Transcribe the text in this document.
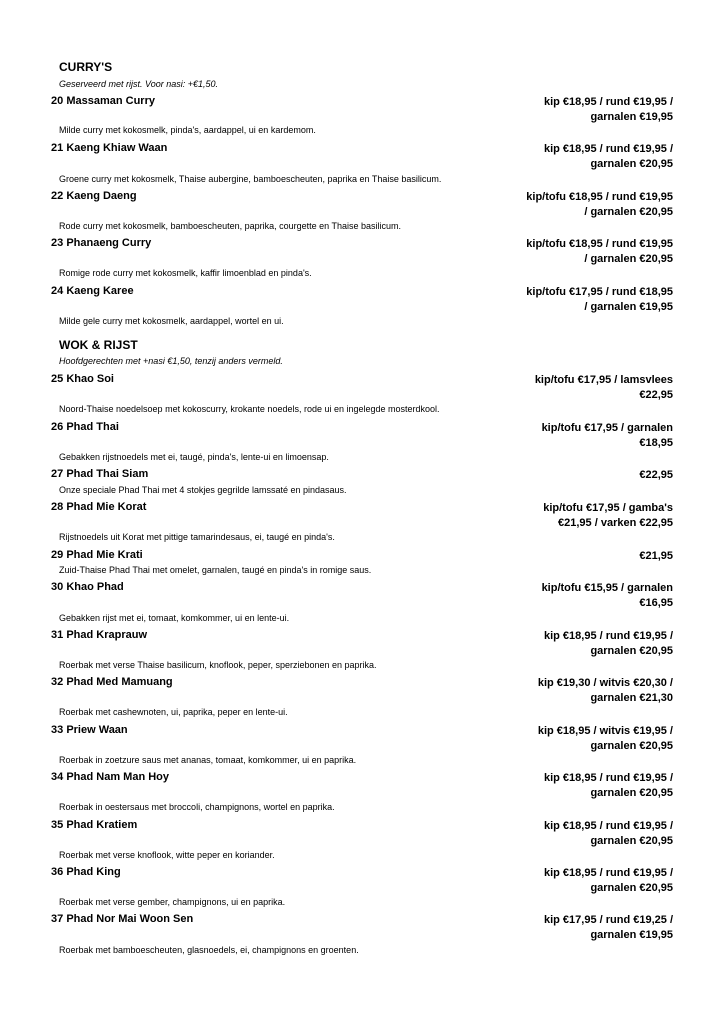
CURRY'S
Geserveerd met rijst. Voor nasi: +€1,50.
20 Massaman Curry	kip €18,95 / rund €19,95 /
garnalen €19,95
Milde curry met kokosmelk, pinda's, aardappel, ui en kardemom.
21 Kaeng Khiaw Waan	kip €18,95 / rund €19,95 /
garnalen €20,95
Groene curry met kokosmelk, Thaise aubergine, bamboescheuten, paprika en Thaise basilicum.
22 Kaeng Daeng	kip/tofu €18,95 / rund €19,95
/ garnalen €20,95
Rode curry met kokosmelk, bamboescheuten, paprika, courgette en Thaise basilicum.
23 Phanaeng Curry	kip/tofu €18,95 / rund €19,95
/ garnalen €20,95
Romige rode curry met kokosmelk, kaffir limoenblad en pinda's.
24 Kaeng Karee	kip/tofu €17,95 / rund €18,95
/ garnalen €19,95
Milde gele curry met kokosmelk, aardappel, wortel en ui.
WOK & RIJST
Hoofdgerechten met +nasi €1,50, tenzij anders vermeld.
25 Khao Soi	kip/tofu €17,95 / lamsvlees
€22,95
Noord-Thaise noedelsoep met kokoscurry, krokante noedels, rode ui en ingelegde mosterdkool.
26 Phad Thai	kip/tofu €17,95 / garnalen
€18,95
Gebakken rijstnoedels met ei, taugé, pinda's, lente-ui en limoensap.
27 Phad Thai Siam	€22,95
Onze speciale Phad Thai met 4 stokjes gegrilde lamssaté en pindasaus.
28 Phad Mie Korat	kip/tofu €17,95 / gamba's
€21,95 / varken €22,95
Rijstnoedels uit Korat met pittige tamarindesaus, ei, taugé en pinda's.
29 Phad Mie Krati	€21,95
Zuid-Thaise Phad Thai met omelet, garnalen, taugé en pinda's in romige saus.
30 Khao Phad	kip/tofu €15,95 / garnalen
€16,95
Gebakken rijst met ei, tomaat, komkommer, ui en lente-ui.
31 Phad Kraprauw	kip €18,95 / rund €19,95 /
garnalen €20,95
Roerbak met verse Thaise basilicum, knoflook, peper, sperziebonen en paprika.
32 Phad Med Mamuang	kip €19,30 / witvis €20,30 /
garnalen €21,30
Roerbak met cashewnoten, ui, paprika, peper en lente-ui.
33 Priew Waan	kip €18,95 / witvis €19,95 /
garnalen €20,95
Roerbak in zoetzure saus met ananas, tomaat, komkommer, ui en paprika.
34 Phad Nam Man Hoy	kip €18,95 / rund €19,95 /
garnalen €20,95
Roerbak in oestersaus met broccoli, champignons, wortel en paprika.
35 Phad Kratiem	kip €18,95 / rund €19,95 /
garnalen €20,95
Roerbak met verse knoflook, witte peper en koriander.
36 Phad King	kip €18,95 / rund €19,95 /
garnalen €20,95
Roerbak met verse gember, champignons, ui en paprika.
37 Phad Nor Mai Woon Sen	kip €17,95 / rund €19,25 /
garnalen €19,95
Roerbak met bamboescheuten, glasnoedels, ei, champignons en groenten.
